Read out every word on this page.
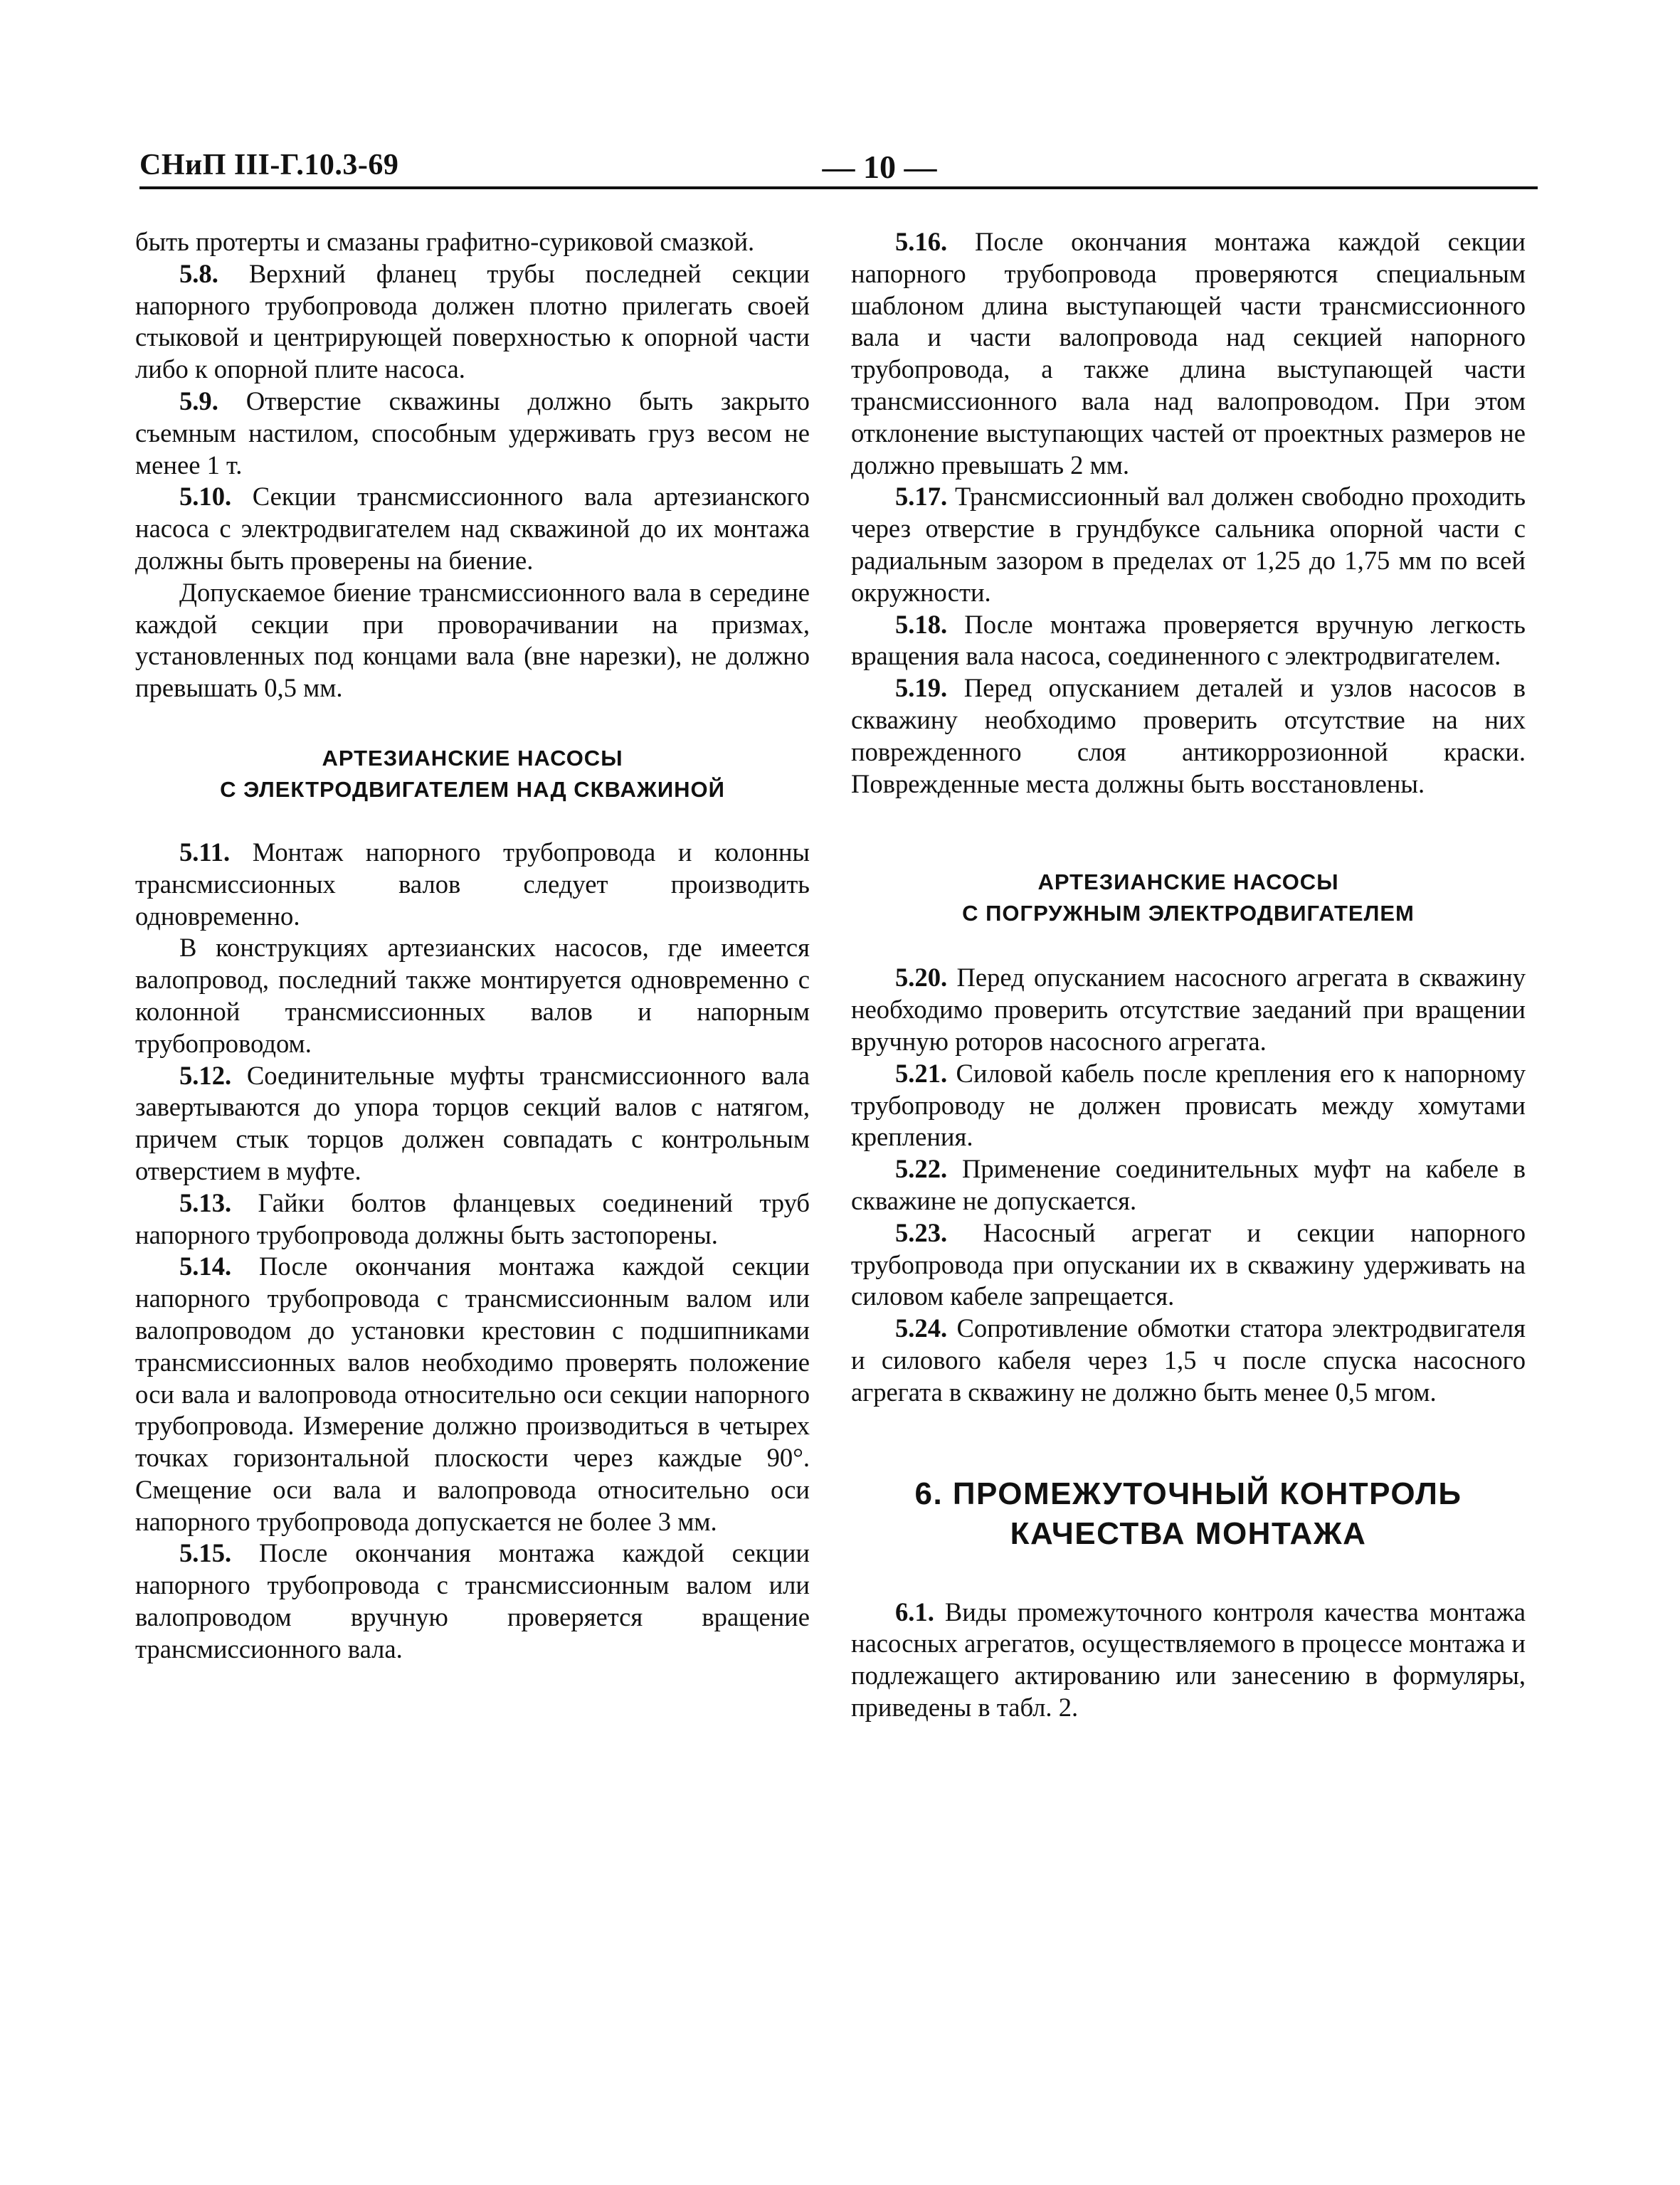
СНиП III-Г.10.3-69	— 10 —

быть протерты и смазаны графитно-суриковой смазкой.

5.8. Верхний фланец трубы последней секции напорного трубопровода должен плотно прилегать своей стыковой и центрирующей поверхностью к опорной части либо к опорной плите насоса.

5.9. Отверстие скважины должно быть закрыто съемным настилом, способным удерживать груз весом не менее 1 т.

5.10. Секции трансмиссионного вала артезианского насоса с электродвигателем над скважиной до их монтажа должны быть проверены на биение.

Допускаемое биение трансмиссионного вала в середине каждой секции при проворачивании на призмах, установленных под концами вала (вне нарезки), не должно превышать 0,5 мм.

АРТЕЗИАНСКИЕ НАСОСЫ
С ЭЛЕКТРОДВИГАТЕЛЕМ НАД СКВАЖИНОЙ

5.11. Монтаж напорного трубопровода и колонны трансмиссионных валов следует производить одновременно.

В конструкциях артезианских насосов, где имеется валопровод, последний также монтируется одновременно с колонной трансмиссионных валов и напорным трубопроводом.

5.12. Соединительные муфты трансмиссионного вала завертываются до упора торцов секций валов с натягом, причем стык торцов должен совпадать с контрольным отверстием в муфте.

5.13. Гайки болтов фланцевых соединений труб напорного трубопровода должны быть застопорены.

5.14. После окончания монтажа каждой секции напорного трубопровода с трансмиссионным валом или валопроводом до установки крестовин с подшипниками трансмиссионных валов необходимо проверять положение оси вала и валопровода относительно оси секции напорного трубопровода. Измерение должно производиться в четырех точках горизонтальной плоскости через каждые 90°. Смещение оси вала и валопровода относительно оси напорного трубопровода допускается не более 3 мм.

5.15. После окончания монтажа каждой секции напорного трубопровода с трансмиссионным валом или валопроводом вручную проверяется вращение трансмиссионного вала.

5.16. После окончания монтажа каждой секции напорного трубопровода проверяются специальным шаблоном длина выступающей части трансмиссионного вала и части валопровода над секцией напорного трубопровода, а также длина выступающей части трансмиссионного вала над валопроводом. При этом отклонение выступающих частей от проектных размеров не должно превышать 2 мм.

5.17. Трансмиссионный вал должен свободно проходить через отверстие в грундбуксе сальника опорной части с радиальным зазором в пределах от 1,25 до 1,75 мм по всей окружности.

5.18. После монтажа проверяется вручную легкость вращения вала насоса, соединенного с электродвигателем.

5.19. Перед опусканием деталей и узлов насосов в скважину необходимо проверить отсутствие на них поврежденного слоя антикоррозионной краски. Поврежденные места должны быть восстановлены.

АРТЕЗИАНСКИЕ НАСОСЫ
С ПОГРУЖНЫМ ЭЛЕКТРОДВИГАТЕЛЕМ

5.20. Перед опусканием насосного агрегата в скважину необходимо проверить отсутствие заеданий при вращении вручную роторов насосного агрегата.

5.21. Силовой кабель после крепления его к напорному трубопроводу не должен провисать между хомутами крепления.

5.22. Применение соединительных муфт на кабеле в скважине не допускается.

5.23. Насосный агрегат и секции напорного трубопровода при опускании их в скважину удерживать на силовом кабеле запрещается.

5.24. Сопротивление обмотки статора электродвигателя и силового кабеля через 1,5 ч после спуска насосного агрегата в скважину не должно быть менее 0,5 мгом.

6. ПРОМЕЖУТОЧНЫЙ КОНТРОЛЬ
КАЧЕСТВА МОНТАЖА

6.1. Виды промежуточного контроля качества монтажа насосных агрегатов, осуществляемого в процессе монтажа и подлежащего актированию или занесению в формуляры, приведены в табл. 2.
